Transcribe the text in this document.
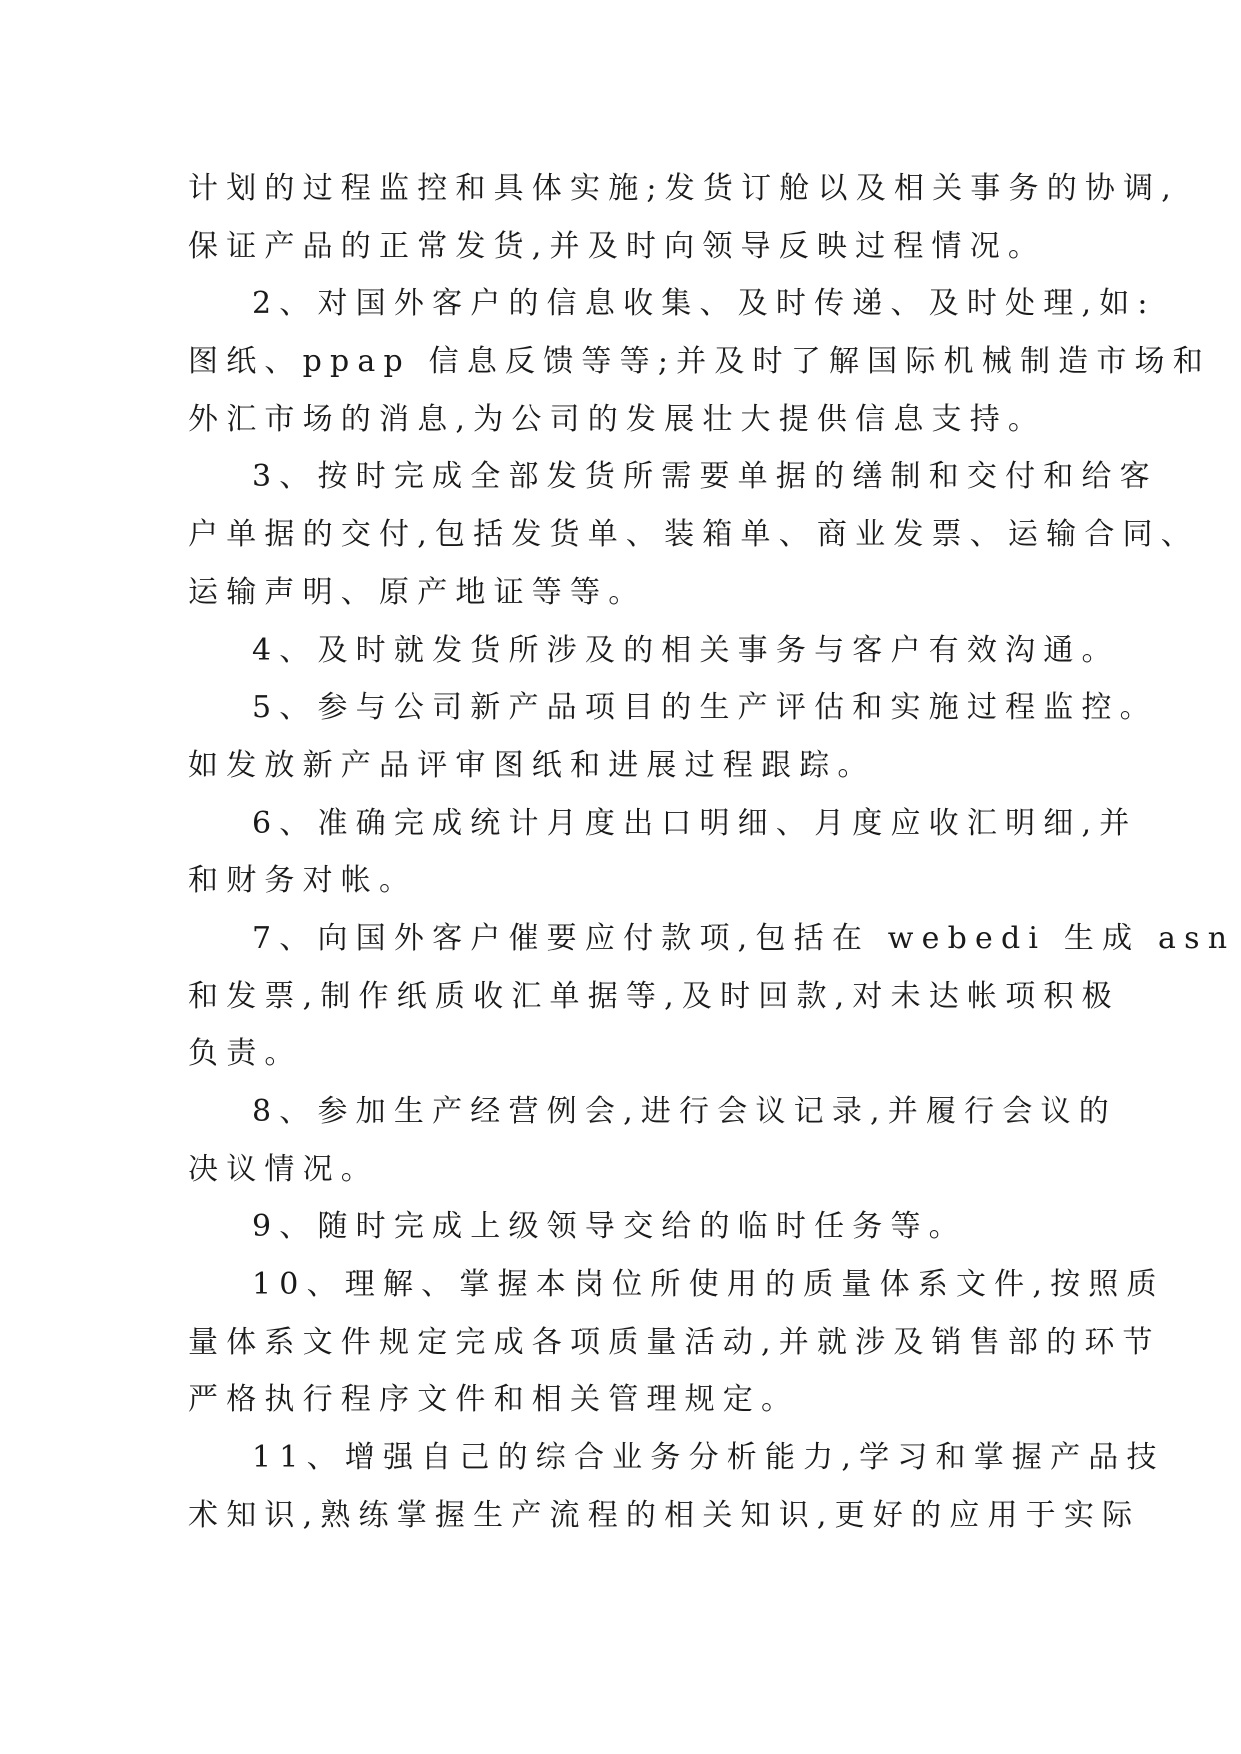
计划的过程监控和具体实施;发货订舱以及相关事务的协调,
保证产品的正常发货,并及时向领导反映过程情况。
2、对国外客户的信息收集、及时传递、及时处理,如:
图纸、ppap 信息反馈等等;并及时了解国际机械制造市场和
外汇市场的消息,为公司的发展壮大提供信息支持。
3、按时完成全部发货所需要单据的缮制和交付和给客
户单据的交付,包括发货单、装箱单、商业发票、运输合同、
运输声明、原产地证等等。
4、及时就发货所涉及的相关事务与客户有效沟通。
5、参与公司新产品项目的生产评估和实施过程监控。
如发放新产品评审图纸和进展过程跟踪。
6、准确完成统计月度出口明细、月度应收汇明细,并
和财务对帐。
7、向国外客户催要应付款项,包括在 webedi 生成 asn
和发票,制作纸质收汇单据等,及时回款,对未达帐项积极
负责。
8、参加生产经营例会,进行会议记录,并履行会议的
决议情况。
9、随时完成上级领导交给的临时任务等。
10、理解、掌握本岗位所使用的质量体系文件,按照质
量体系文件规定完成各项质量活动,并就涉及销售部的环节
严格执行程序文件和相关管理规定。
11、增强自己的综合业务分析能力,学习和掌握产品技
术知识,熟练掌握生产流程的相关知识,更好的应用于实际
